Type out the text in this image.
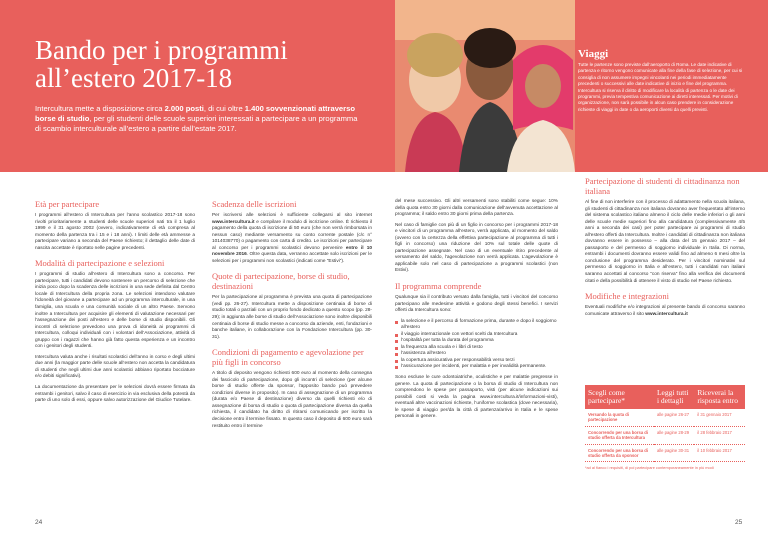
Bando per i programmi all’estero 2017-18

Intercultura mette a disposizione circa 2.000 posti, di cui oltre 1.400 sovvenzionati attraverso borse di studio, per gli studenti delle scuole superiori interessati a partecipare a un programma di scambio interculturale all’estero a partire dall’estate 2017.

Viaggi

Tutte le partenze sono previste dall’aeroporto di Roma. Le date indicative di partenza e ritorno vengono comunicate alla fine della fase di selezione, per cui si consiglia di non assumere impegni vincolanti nei periodi immediatamente precedenti o successivi alle date indicative di inizio e fine del programma. Intercultura si riserva il diritto di modificare la località di partenza o le date dei programmi, previa tempestiva comunicazione ai diretti interessati. Per motivi di organizzazione, non sarà possibile in alcun caso prendere in considerazione richieste di viaggi in date o da aeroporti diversi da quelli previsti.

Età per partecipare

I programmi all’estero di Intercultura per l’anno scolastico 2017-18 sono rivolti prioritariamente a studenti delle scuole superiori nati tra il 1 luglio 1999 e il 31 agosto 2002 (ovvero, indicativamente di età compresa al momento della partenza tra i 15 e i 18 anni). I limiti delle età ammesse a partecipare variano a seconda del Paese richiesto; il dettaglio delle date di nascita accettate è riportato nelle pagine precedenti.

Modalità di partecipazione e selezioni

I programmi di studio all’estero di Intercultura sono a concorso. Per partecipare, tutti i candidati devono sostenere un percorso di selezione che inizia poco dopo la scadenza delle iscrizioni in una sede definita dal Centro locale di Intercultura della propria zona. Le selezioni intendono valutare l’idoneità del giovane a partecipare ad un programma interculturale, in una famiglia, una scuola e una comunità sociale di un altro Paese. Servono inoltre a Intercultura per acquisire gli elementi di valutazione necessari per l’assegnazione dei posti all’estero e delle borse di studio disponibili. Gli incontri di selezione prevedono una prova di idoneità ai programmi di Intercultura, colloqui individuali con i volontari dell’Associazione, attività di gruppo con i ragazzi che hanno già fatto questa esperienza e un incontro con i genitori degli studenti.

Intercultura valuta anche i risultati scolastici dell’anno in corso e degli ultimi due anni (la maggior parte delle scuole all’estero non accetta la candidatura di studenti che negli ultimi due anni scolastici abbiano riportato bocciature e/o debiti significativi).

La documentazione da presentare per le selezioni dovrà essere firmata da entrambi i genitori, salvo il caso di esercizio in via esclusiva della potestà da parte di uno solo di essi, oppure salvo autorizzazione del Giudice Tutelare.

Scadenza delle iscrizioni

Per iscriversi alle selezioni è sufficiente collegarsi al sito internet www.intercultura.it e compilare il modulo di iscrizione online. È richiesto il pagamento della quota di iscrizione di 50 euro (che non verrà rimborsata in nessun caso) mediante versamento su conto corrente postale (c/c n° 1014038770) o pagamento con carta di credito. Le iscrizioni per partecipare al concorso per i programmi scolastici devono pervenire entro il 10 novembre 2016. Oltre questa data, verranno accettate solo iscrizioni per le selezioni per i programmi non scolastici (indicati come “Estivi”).

Quote di partecipazione, borse di studio, destinazioni

Per la partecipazione al programma è prevista una quota di partecipazione (vedi pp. 26-27). Intercultura mette a disposizione centinaia di borse di studio totali o parziali con un proprio fondo dedicato a questo scopo (pp. 28-29); in aggiunta alle borse di studio dell’Associazione sono inoltre disponibili centinaia di borse di studio messe a concorso da aziende, enti, fondazioni e banche italiane, in collaborazione con la Fondazione Intercultura (pp. 30-31).

Condizioni di pagamento e agevolazione per più figli in concorso

A titolo di deposito vengono richiesti 600 euro al momento della consegna dei fascicolo di partecipazione, dopo gli incontri di selezione (per alcune borse di studio offerte da sponsor, l’apposito bando può prevedere condizioni diverse in proposito). In caso di assegnazione di un programma (durata e/o Paese di destinazione) diverso da quelli richiesti e/o di assegnazione di borsa di studio o quota di partecipazione diversa da quella richiesta, il candidato ha diritto di ritirarsi comunicando per iscritto la decisione entro il termine fissato. In questo caso il deposito di 600 euro sarà restituito entro il termine

del mese successivo. Gli altri versamenti sono stabiliti come segue: 10% della quota entro 30 giorni dalla comunicazione dell’avvenuta accettazione al programma; il saldo entro 30 giorni prima della partenza.

Nel caso di famiglie con più di un figlio in concorso per i programmi 2017-18 e vincitori di un programma all’estero, verrà applicata, al momento del saldo (ovvero con la certezza della effettiva partecipazione al programma di tutti i figli in concorso) una riduzione del 10% sul totale delle quote di partecipazione assegnate. Nel caso di un eventuale ritiro precedente al versamento del saldo, l’agevolazione non verrà applicata. L’agevolazione è applicabile solo nel caso di partecipazione a programmi scolastici (non Estivi).

Il programma comprende

Qualunque sia il contributo versato dalla famiglia, tutti i vincitori del concorso partecipano alle medesime attività e godono degli stessi benefici. I servizi offerti da Intercultura sono:

la selezione e il percorso di formazione prima, durante e dopo il soggiorno all’estero
il viaggio internazionale con vettori scelti da Intercultura
l’ospitalità per tutta la durata del programma
la frequenza alla scuola e i libri di testo
l’assistenza all’estero
la copertura assicurativa per responsabilità verso terzi
l’assicurazione per incidenti, per malattia e per invalidità permanente.

Sono escluse le cure odontoiatriche, oculistiche e per malattie pregresse in genere. La quota di partecipazione o la borsa di studio di Intercultura non comprendono le spese per passaporto, visti (per alcune indicazioni sui possibili costi si veda la pagina www.intercultura.it/informazioni-visti), eventuali altre vaccinazioni richieste, l’uniforme scolastica (dove necessaria), le spese di viaggio per/da la città di partenza/arrivo in Italia e le spese personali in genere.

Partecipazione di studenti di cittadinanza non italiana

Al fine di non interferire con il processo di adattamento nella scuola italiana, gli studenti di cittadinanza non italiana dovranno aver frequentato all’interno del sistema scolastico italiano almeno il ciclo delle medie inferiori o gli anni delle scuole medie superiori fino alla candidatura (complessivamente 4/5 anni a seconda dei casi) per poter partecipare ai programmi di studio all’estero offerti da Intercultura. Inoltre i candidati di cittadinanza non italiana dovranno essere in possesso – alla data del 15 gennaio 2017 – del passaporto e del permesso di soggiorno individuale in Italia. Di norma, entrambi i documenti dovranno essere validi fino ad almeno 6 mesi oltre la conclusione del programma desiderato. Per i vincitori nominativi sul permesso di soggiorno in Italia e all’estero, tutti i candidati non italiani saranno accettati al concorso “con riserva” fino alla verifica dei documenti citati e della possibilità di ottenere il visto di studio nel Paese richiesto.

Modifiche e integrazioni

Eventuali modifiche e/o integrazioni al presente bando di concorso saranno comunicate attraverso il sito www.intercultura.it

Scegli come partecipare*	Leggi tutti i dettagli	Riceverai la risposta entro
Versando la quota di partecipazione	alle pagine 26-27	il 31 gennaio 2017
Concorrendo per una borsa di studio offerta da Intercultura	alle pagine 28-29	il 28 febbraio 2017
Concorrendo per una borsa di studio offerta da sponsor	alle pagine 30-31	il 10 febbraio 2017

*ad al fianco i requisiti, di poi partecipare contemporaneamente in più modi

24	25
